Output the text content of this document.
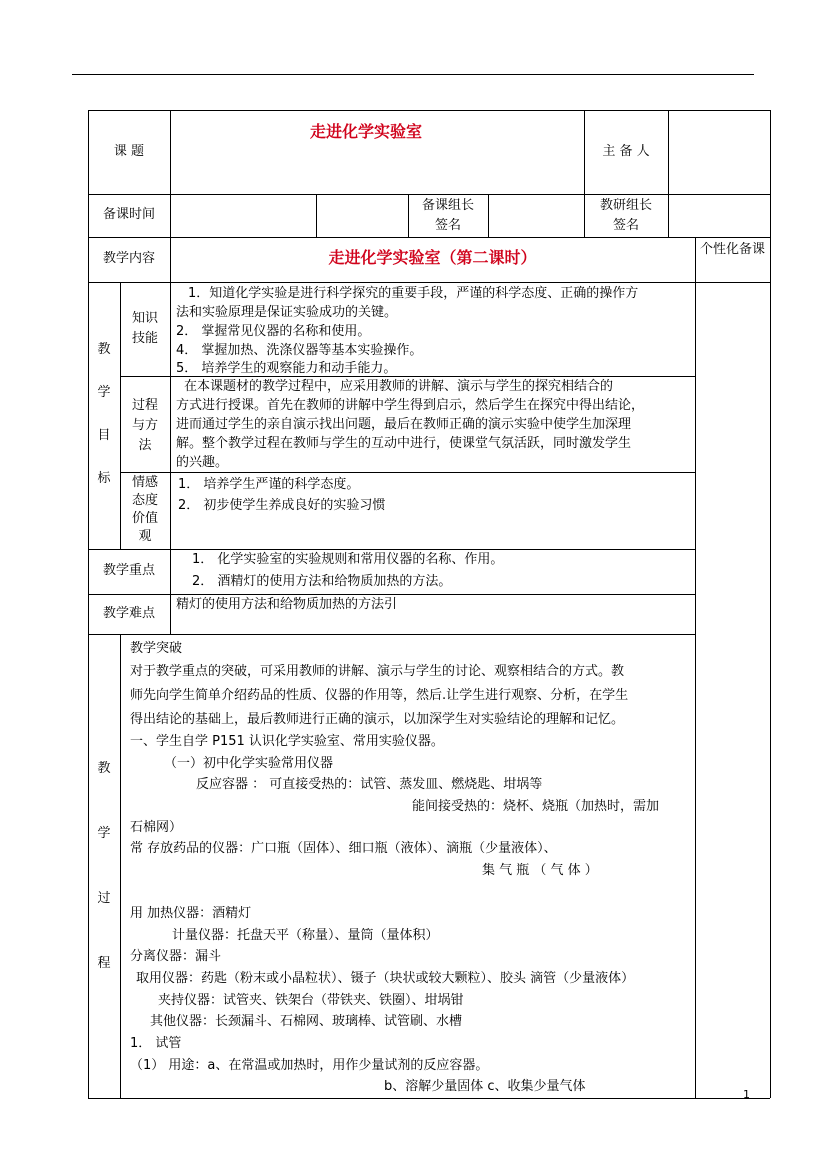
课 题
走进化学实验室
主 备 人
备课时间
备课组长签名
教研组长签名
教学内容	走进化学实验室（第二课时）	个性化备课
教
学
目
标
知识技能
1．知道化学实验是进行科学探究的重要手段，严谨的科学态度、正确的操作方
法和实验原理是保证实验成功的关键。
2． 掌握常见仪器的名称和使用。
4． 掌握加热、洗涤仪器等基本实验操作。
5． 培养学生的观察能力和动手能力。
过程与方法
在本课题材的教学过程中，应采用教师的讲解、演示与学生的探究相结合的
方式进行授课。首先在教师的讲解中学生得到启示，然后学生在探究中得出结论，
进而通过学生的亲自演示找出问题，最后在教师正确的演示实验中使学生加深理
解。整个教学过程在教师与学生的互动中进行，使课堂气氛活跃，同时激发学生
的兴趣。
情感态度价值观
1． 培养学生严谨的科学态度。
2． 初步使学生养成良好的实验习惯
教学重点
1． 化学实验室的实验规则和常用仪器的名称、作用。
2． 酒精灯的使用方法和给物质加热的方法。
教学难点
精灯的使用方法和给物质加热的方法引
教
学
过
程
教学突破
对于教学重点的突破，可采用教师的讲解、演示与学生的讨论、观察相结合的方式。教
师先向学生简单介绍药品的性质、仪器的作用等，然后.让学生进行观察、分析，在学生
得出结论的基础上，最后教师进行正确的演示，以加深学生对实验结论的理解和记忆。
一、学生自学 P151 认识化学实验室、常用实验仪器。
（一）初中化学实验常用仪器
反应容器 ： 可直接受热的：试管、蒸发皿、燃烧匙、坩埚等
能间接受热的：烧杯、烧瓶（加热时，需加
石棉网）
常 存放药品的仪器：广口瓶（固体）、细口瓶（液体）、滴瓶（少量液体）、
集 气 瓶 （ 气 体 ）
用 加热仪器：酒精灯
计量仪器：托盘天平（称量）、量筒（量体积）
分离仪器：漏斗
取用仪器：药匙（粉末或小晶粒状）、镊子（块状或较大颗粒）、胶头 滴管（少量液体）
夹持仪器：试管夹、铁架台（带铁夹、铁圈）、坩埚钳
其他仪器：长颈漏斗、石棉网、玻璃棒、试管刷、水槽
1． 试管
（1） 用途：a、在常温或加热时，用作少量试剂的反应容器。
b、溶解少量固体 c、收集少量气体
1
